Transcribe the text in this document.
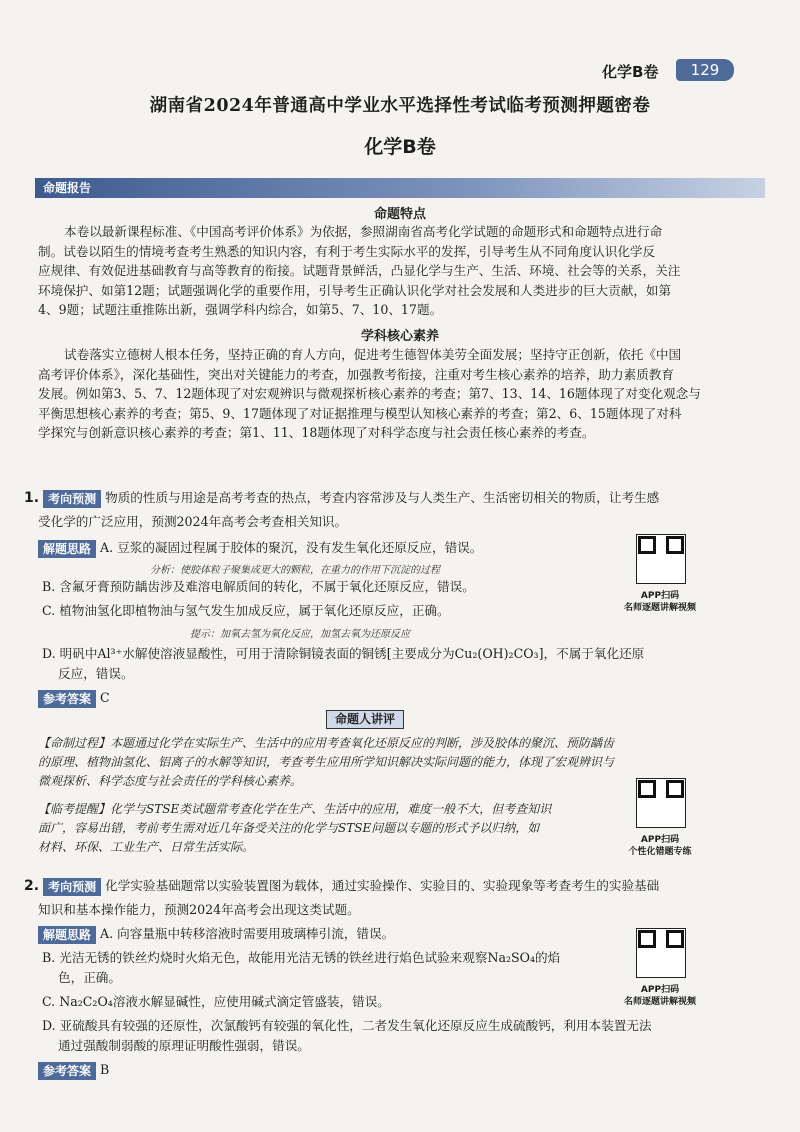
化学B卷	129
湖南省2024年普通高中学业水平选择性考试临考预测押题密卷
化学B卷
命题报告
命题特点
本卷以最新课程标准、《中国高考评价体系》为依据，参照湖南省高考化学试题的命题形式和命题特点进行命
制。试卷以陌生的情境考查考生熟悉的知识内容，有利于考生实际水平的发挥，引导考生从不同角度认识化学反
应规律、有效促进基础教育与高等教育的衔接。试题背景鲜活，凸显化学与生产、生活、环境、社会等的关系，关注
环境保护、如第12题；试题强调化学的重要作用，引导考生正确认识化学对社会发展和人类进步的巨大贡献，如第
4、9题；试题注重推陈出新，强调学科内综合，如第5、7、10、17题。
学科核心素养
试卷落实立德树人根本任务，坚持正确的育人方向，促进考生德智体美劳全面发展；坚持守正创新，依托《中国
高考评价体系》，深化基础性，突出对关键能力的考查，加强教考衔接，注重对考生核心素养的培养，助力素质教育
发展。例如第3、5、7、12题体现了对宏观辨识与微观探析核心素养的考查；第7、13、14、16题体现了对变化观念与
平衡思想核心素养的考查；第5、9、17题体现了对证据推理与模型认知核心素养的考查；第2、6、15题体现了对科
学探究与创新意识核心素养的考查；第1、11、18题体现了对科学态度与社会责任核心素养的考查。
1. 考向预测 物质的性质与用途是高考考查的热点，考查内容常涉及与人类生产、生活密切相关的物质，让考生感
受化学的广泛应用，预测2024年高考会考查相关知识。
解题思路 A. 豆浆的凝固过程属于胶体的聚沉，没有发生氧化还原反应，错误。
分析：使胶体粒子聚集成更大的颗粒，在重力的作用下沉淀的过程
B. 含氟牙膏预防龋齿涉及难溶电解质间的转化，不属于氧化还原反应，错误。
C. 植物油氢化即植物油与氢气发生加成反应，属于氧化还原反应，正确。
提示：加氧去氢为氧化反应，加氢去氧为还原反应
D. 明矾中Al³⁺水解使溶液显酸性，可用于清除铜镜表面的铜锈[主要成分为Cu₂(OH)₂CO₃]，不属于氧化还原
反应，错误。
APP扫码
名师逐题讲解视频
参考答案 C
命题人讲评
【命制过程】本题通过化学在实际生产、生活中的应用考查氧化还原反应的判断，涉及胶体的聚沉、预防龋齿
的原理、植物油氢化、铝离子的水解等知识，考查考生应用所学知识解决实际问题的能力，体现了宏观辨识与
微观探析、科学态度与社会责任的学科核心素养。
【临考提醒】化学与STSE类试题常考查化学在生产、生活中的应用，难度一般不大，但考查知识
面广，容易出错，考前考生需对近几年备受关注的化学与STSE问题以专题的形式予以归纳，如
材料、环保、工业生产、日常生活实际。	APP扫码
个性化错题专练
2. 考向预测 化学实验基础题常以实验装置图为载体，通过实验操作、实验目的、实验现象等考查考生的实验基础
知识和基本操作能力，预测2024年高考会出现这类试题。
解题思路 A. 向容量瓶中转移溶液时需要用玻璃棒引流，错误。
B. 光洁无锈的铁丝灼烧时火焰无色，故能用光洁无锈的铁丝进行焰色试验来观察Na₂SO₄的焰
色，正确。
C. Na₂C₂O₄溶液水解显碱性，应使用碱式滴定管盛装，错误。
D. 亚硫酸具有较强的还原性，次氯酸钙有较强的氧化性，二者发生氧化还原反应生成硫酸钙，利用本装置无法
通过强酸制弱酸的原理证明酸性强弱，错误。
APP扫码
名师逐题讲解视频
参考答案 B
